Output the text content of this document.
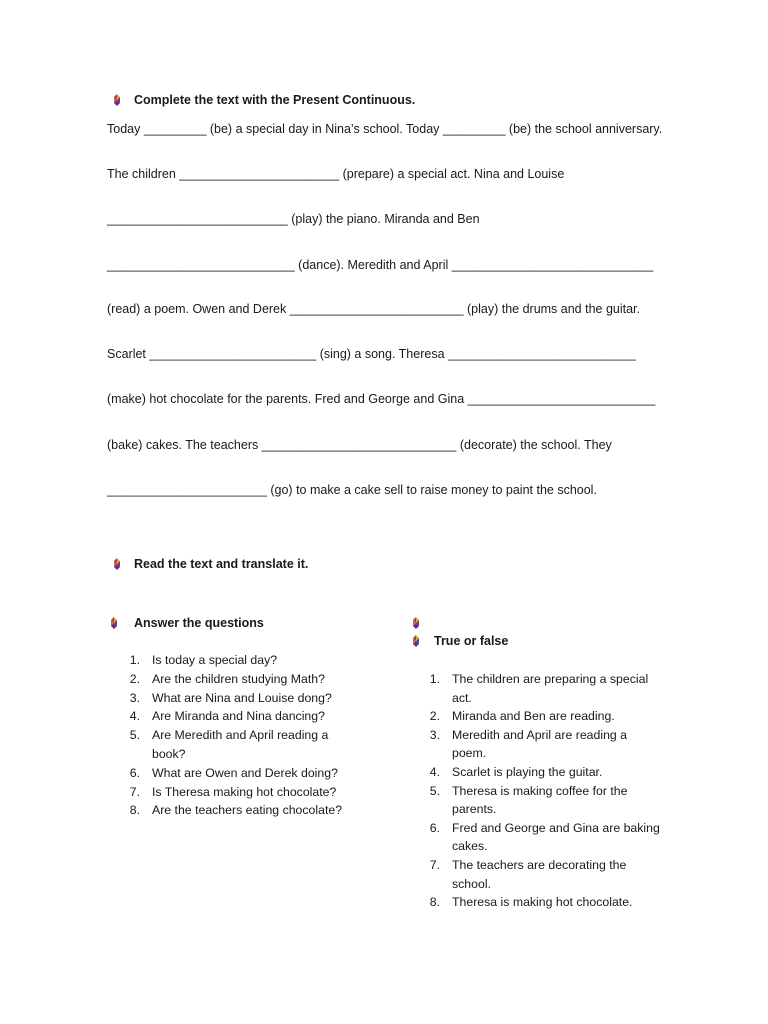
Complete the text with the Present Continuous.
Today _________ (be) a special day in Nina’s school. Today _________ (be) the school anniversary.
The children _______________________ (prepare) a special act. Nina and Louise
__________________________ (play) the piano. Miranda and Ben
___________________________ (dance). Meredith and April _____________________________
(read) a poem. Owen and Derek _________________________ (play) the drums and the guitar.
Scarlet ________________________ (sing) a song. Theresa ___________________________
(make) hot chocolate for the parents. Fred and George and Gina ___________________________
(bake) cakes. The teachers ____________________________ (decorate) the school. They
_______________________ (go) to make a cake sell to raise money to paint the school.
Read the text and translate it.
Answer the questions
1. Is today a special day?
2. Are the children studying Math?
3. What are Nina and Louise dong?
4. Are Miranda and Nina dancing?
5. Are Meredith and April reading a
book?
6. What are Owen and Derek doing?
7. Is Theresa making hot chocolate?
8. Are the teachers eating chocolate?
True or false
1. The children are preparing a special
act.
2. Miranda and Ben are reading.
3. Meredith and April are reading a
poem.
4. Scarlet is playing the guitar.
5. Theresa is making coffee for the
parents.
6. Fred and George and Gina are baking
cakes.
7. The teachers are decorating the
school.
8. Theresa is making hot chocolate.
